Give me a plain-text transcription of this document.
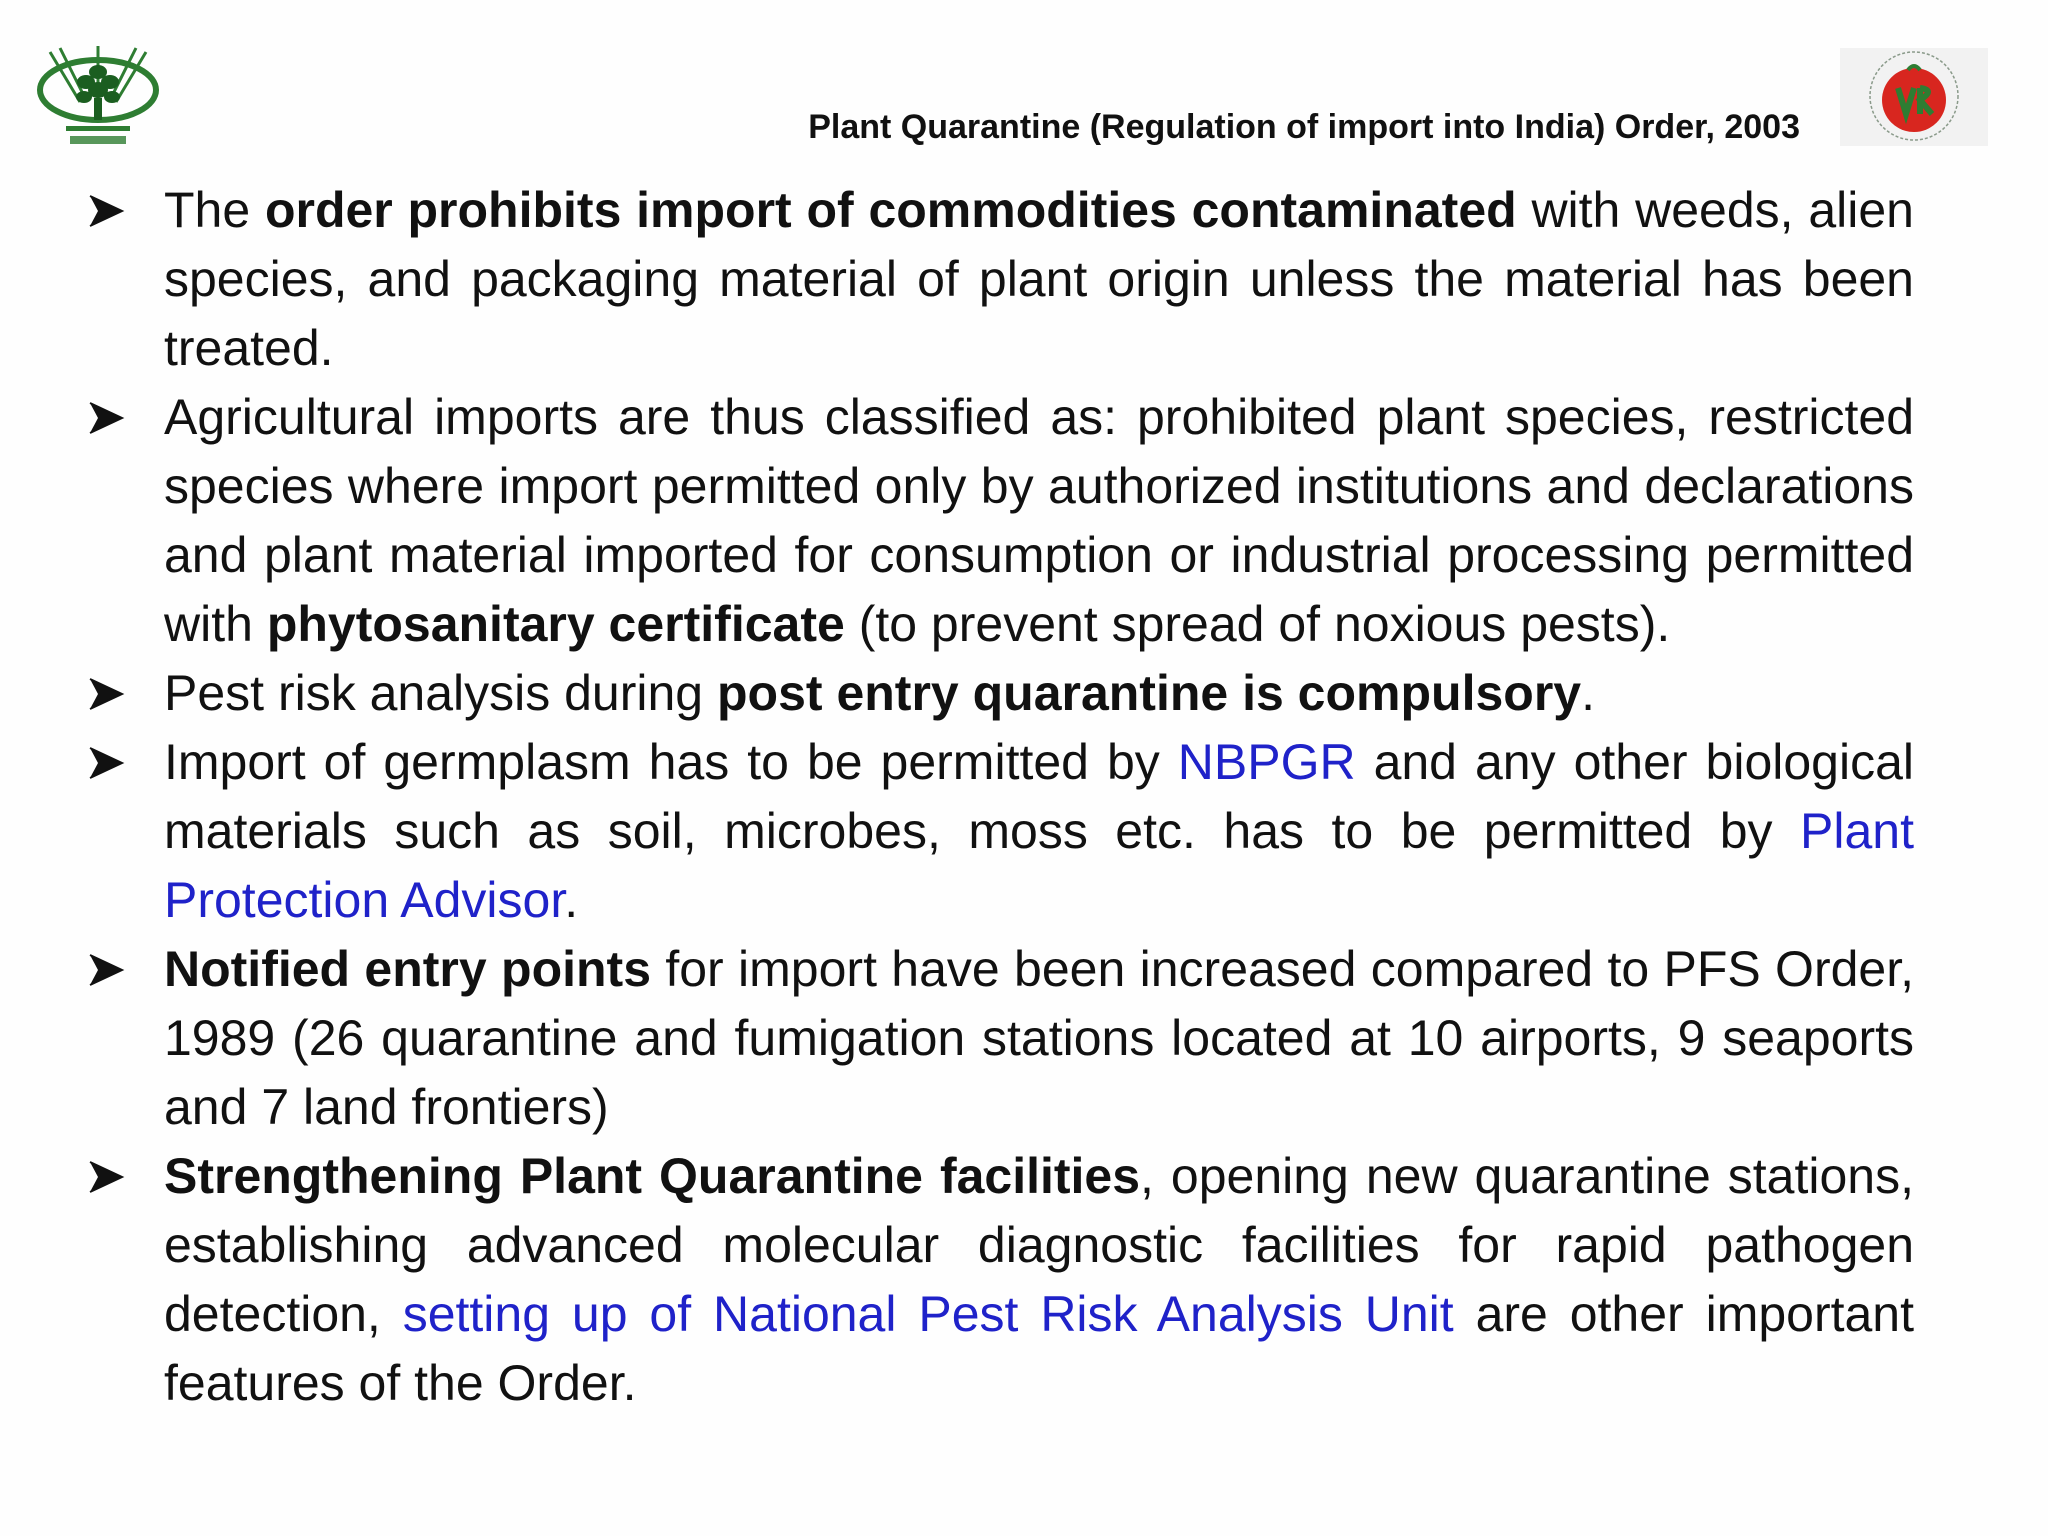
Plant Quarantine (Regulation of import into India) Order, 2003
The order prohibits import of commodities contaminated with weeds, alien species, and packaging material of plant origin unless the material has been treated.
Agricultural imports are thus classified as: prohibited plant species, restricted species where import permitted only by authorized institutions and declarations and plant material imported for consumption or industrial processing permitted with phytosanitary certificate (to prevent spread of noxious pests).
Pest risk analysis during post entry quarantine is compulsory.
Import of germplasm has to be permitted by NBPGR and any other biological materials such as soil, microbes, moss etc. has to be permitted by Plant Protection Advisor.
Notified entry points for import have been increased compared to PFS Order, 1989 (26 quarantine and fumigation stations located at 10 airports, 9 seaports and 7 land frontiers)
Strengthening Plant Quarantine facilities, opening new quarantine stations, establishing advanced molecular diagnostic facilities for rapid pathogen detection, setting up of National Pest Risk Analysis Unit are other important features of the Order.
